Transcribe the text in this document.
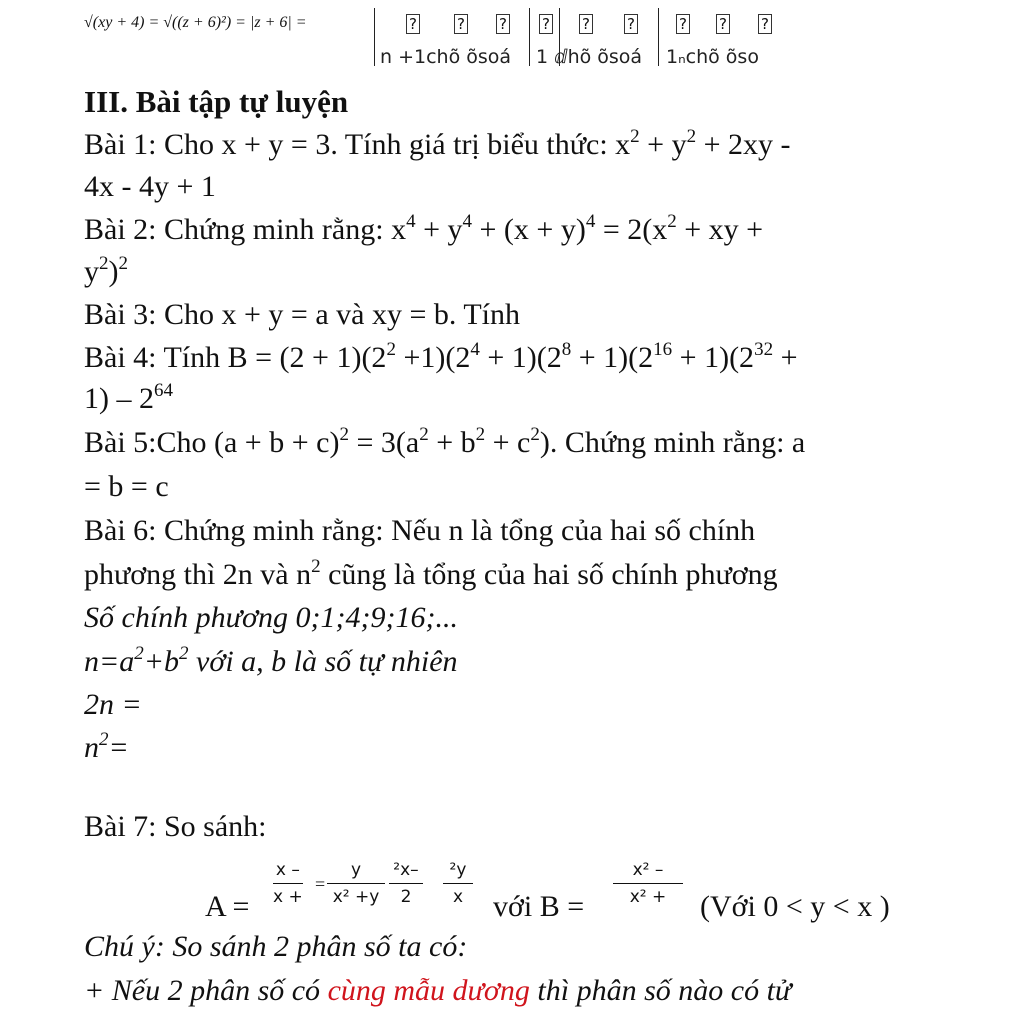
√(xy + 4) = √((z + 6)²) = |z + 6| =	?	? ? ? ? ?	? ? ?
n +1chõ õsoá 1 ⅆhõ õsoá 1ₙchõ õso
III. Bài tập tự luyện
Bài 1: Cho x + y = 3. Tính giá trị biểu thức: $x^2 + y^2 + 2xy$ -
4x - 4y + 1
Bài 2: Chứng minh rằng: $x^4 + y^4 + (x + y)^4 = 2(x^2$ + xy +
$y^2)^2$
Bài 3: Cho x + y = a và xy = b. Tính
Bài 4: Tính $B = (2 + 1)(2^2 +1)(2^4 + 1)(2^8 + 1)(2^{16} + 1)(2^{32}$ +
$1) - 2^{64}$
Bài 5:Cho $(a + b + c)^2 = 3(a^2 + b^2 + c^2)$. Chứng minh rằng: a
= b = c
Bài 6: Chứng minh rằng: Nếu n là tổng của hai số chính
phương thì 2n và $n^2$ cũng là tổng của hai số chính phương
Số chính phương 0;1;4;9;16;...
$n=a^2+b^2$ với a, b là số tự nhiên
2n =
$n^2=$
Bài 7: So sánh:
A =
x –
x +
=
y
x² +y
²x–
2
²y
x với B =
x² –
x² +	(Với 0 < y < x )
Chú ý: So sánh 2 phân số ta có:
+ Nếu 2 phân số có cùng mẫu dương thì phân số nào có tử
